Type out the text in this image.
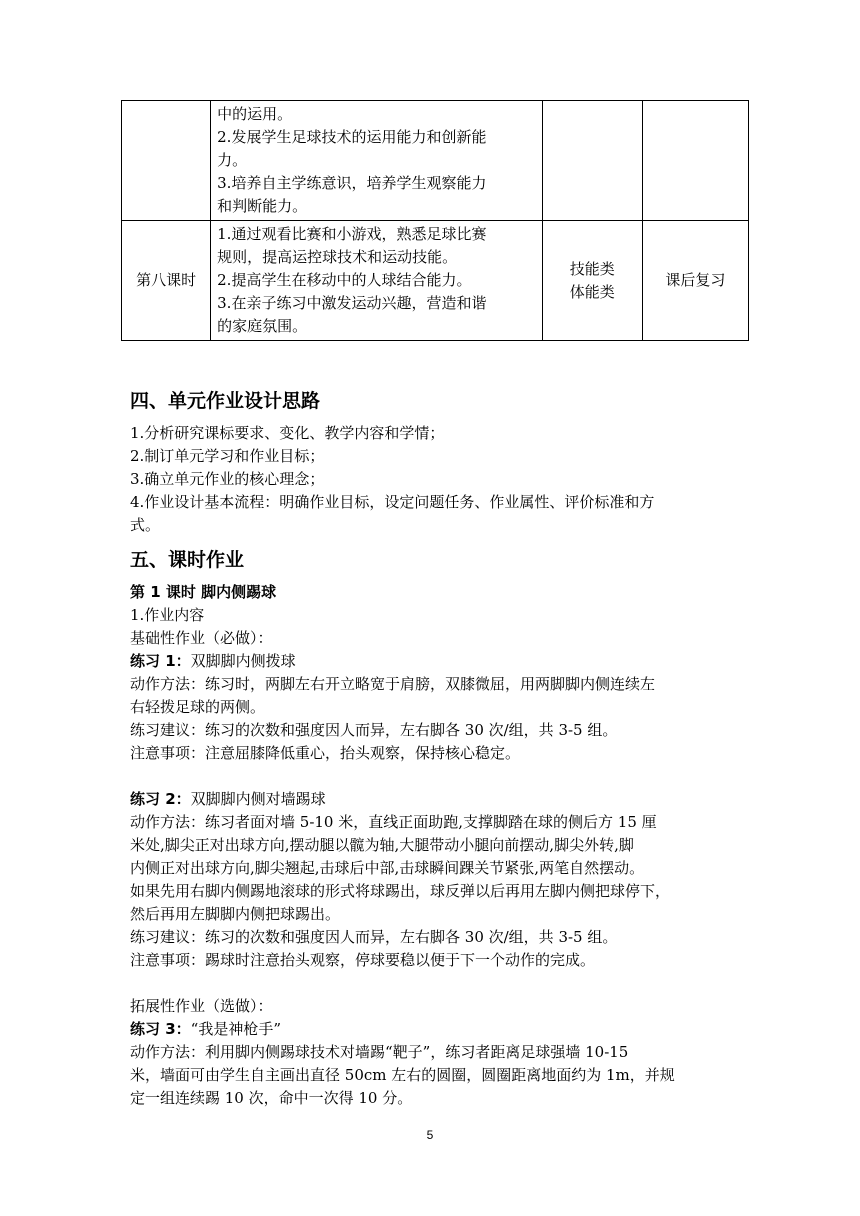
	中的运用。
2.发展学生足球技术的运用能力和创新能
力。
3.培养自主学练意识，培养学生观察能力
和判断能力。		

第八课时	1.通过观看比赛和小游戏，熟悉足球比赛
规则，提高运控球技术和运动技能。
2.提高学生在移动中的人球结合能力。
3.在亲子练习中激发运动兴趣，营造和谐
的家庭氛围。	技能类
体能类	课后复习
四、单元作业设计思路

1.分析研究课标要求、变化、教学内容和学情；

2.制订单元学习和作业目标；

3.确立单元作业的核心理念；

4.作业设计基本流程：明确作业目标，设定问题任务、作业属性、评价标准和方

式。

五、课时作业

第 1 课时 脚内侧踢球

1.作业内容

基础性作业（必做）：

练习 1：双脚脚内侧拨球

动作方法：练习时，两脚左右开立略宽于肩膀，双膝微屈，用两脚脚内侧连续左

右轻拨足球的两侧。

练习建议：练习的次数和强度因人而异，左右脚各 30 次/组，共 3-5 组。

注意事项：注意屈膝降低重心，抬头观察，保持核心稳定。

练习 2：双脚脚内侧对墙踢球

动作方法：练习者面对墙 5-10 米，直线正面助跑,支撑脚踏在球的侧后方 15 厘

米处,脚尖正对出球方向,摆动腿以髋为轴,大腿带动小腿向前摆动,脚尖外转,脚

内侧正对出球方向,脚尖翘起,击球后中部,击球瞬间踝关节紧张,两笔自然摆动。

如果先用右脚内侧踢地滚球的形式将球踢出，球反弹以后再用左脚内侧把球停下，

然后再用左脚脚内侧把球踢出。

练习建议：练习的次数和强度因人而异，左右脚各 30 次/组，共 3-5 组。

注意事项：踢球时注意抬头观察，停球要稳以便于下一个动作的完成。

拓展性作业（选做）：

练习 3：“我是神枪手”

动作方法：利用脚内侧踢球技术对墙踢“靶子”，练习者距离足球强墙 10-15

米，墙面可由学生自主画出直径 50cm 左右的圆圈，圆圈距离地面约为 1m，并规

定一组连续踢 10 次，命中一次得 10 分。

5
